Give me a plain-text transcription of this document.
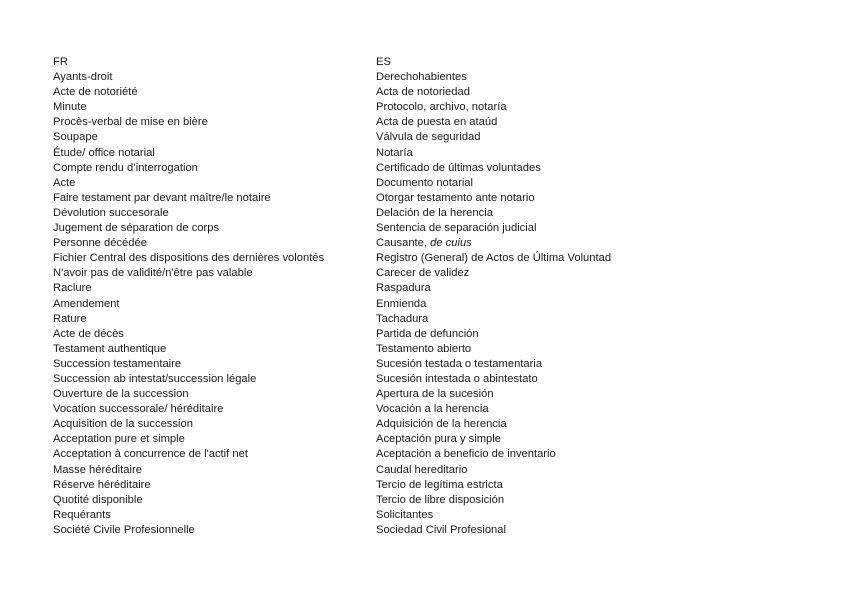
FR
Ayants-droit
Acte de notoriété
Minute
Procès-verbal de mise en bière
Soupape
Étude/ office notarial
Compte rendu d’interrogation
Acte
Faire testament par devant maître/le notaire
Dévolution succesorale
Jugement de séparation de corps
Personne décédée
Fichier Central des dispositions des dernières volontés
N'avoir pas de validité/n'être pas valable
Raclure
Amendement
Rature
Acte de décès
Testament authentique
Succession testamentaire
Succession ab intestat/succession légale
Ouverture de la succession
Vocation successorale/ héréditaire
Acquisition de la succession
Acceptation pure et simple
Acceptation à concurrence de l'actif net
Masse héréditaire
Réserve héréditaire
Quotité disponible
Requérants
Société Civile Profesionnelle
ES
Derechohabientes
Acta de notoriedad
Protocolo, archivo, notaría
Acta de puesta en ataúd
Válvula de seguridad
Notaría
Certificado de últimas voluntades
Documento notarial
Otorgar testamento ante notario
Delación de la herencia
Sentencia de separación judicial
Causante, de cuius
Registro (General) de Actos de Última Voluntad
Carecer de validez
Raspadura
Enmienda
Tachadura
Partida de defunción
Testamento abierto
Sucesión testada o testamentaria
Sucesión intestada o abintestato
Apertura de la sucesión
Vocación a la herencia
Adquisición de la herencia
Aceptación pura y simple
Aceptación a beneficio de inventario
Caudal hereditario
Tercio de legítima estricta
Tercio de libre disposición
Solicitantes
Sociedad Civil Profesional
